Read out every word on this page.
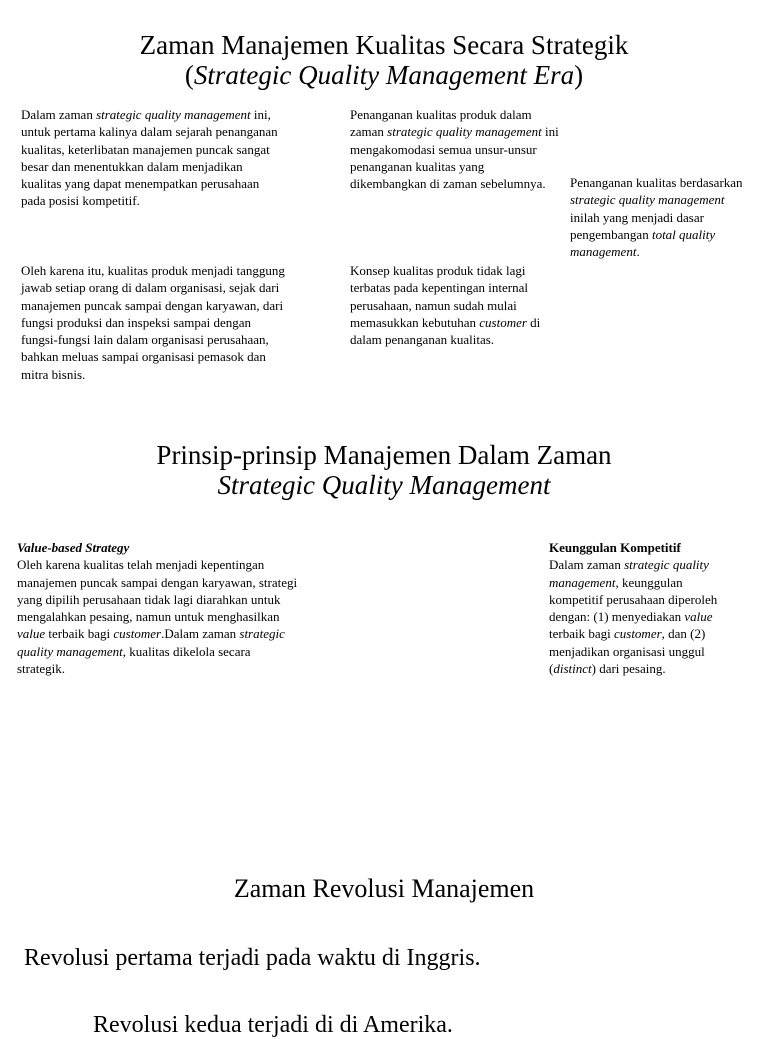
Zaman Manajemen Kualitas Secara Strategik
(Strategic Quality Management Era)
Dalam zaman strategic quality management ini, untuk pertama kalinya dalam sejarah penanganan kualitas, keterlibatan manajemen puncak sangat besar dan menentukkan dalam menjadikan kualitas yang dapat menempatkan perusahaan pada posisi kompetitif.
Oleh karena itu, kualitas produk menjadi tanggung jawab setiap orang di dalam organisasi, sejak dari manajemen puncak sampai dengan karyawan, dari fungsi produksi dan inspeksi sampai dengan fungsi-fungsi lain dalam organisasi perusahaan, bahkan meluas sampai organisasi pemasok dan mitra bisnis.
Penanganan kualitas produk dalam zaman strategic quality management ini mengakomodasi semua unsur-unsur penanganan kualitas yang dikembangkan di zaman sebelumnya.
Konsep kualitas produk tidak lagi terbatas pada kepentingan internal perusahaan, namun sudah mulai memasukkan kebutuhan customer di dalam penanganan kualitas.
Penanganan kualitas berdasarkan strategic quality management inilah yang menjadi dasar pengembangan total quality management.
Prinsip-prinsip Manajemen Dalam Zaman
Strategic Quality Management
Value-based Strategy
Oleh karena kualitas telah menjadi kepentingan manajemen puncak sampai dengan karyawan, strategi yang dipilih perusahaan tidak lagi diarahkan untuk mengalahkan pesaing, namun untuk menghasilkan value terbaik bagi customer.Dalam zaman strategic quality management, kualitas dikelola secara strategik.
Keunggulan Kompetitif
Dalam zaman strategic quality management, keunggulan kompetitif perusahaan diperoleh dengan: (1) menyediakan value terbaik bagi customer, dan (2) menjadikan organisasi unggul (distinct) dari pesaing.
Zaman Revolusi Manajemen
Revolusi pertama terjadi pada waktu di Inggris.
Revolusi kedua terjadi di di Amerika.
